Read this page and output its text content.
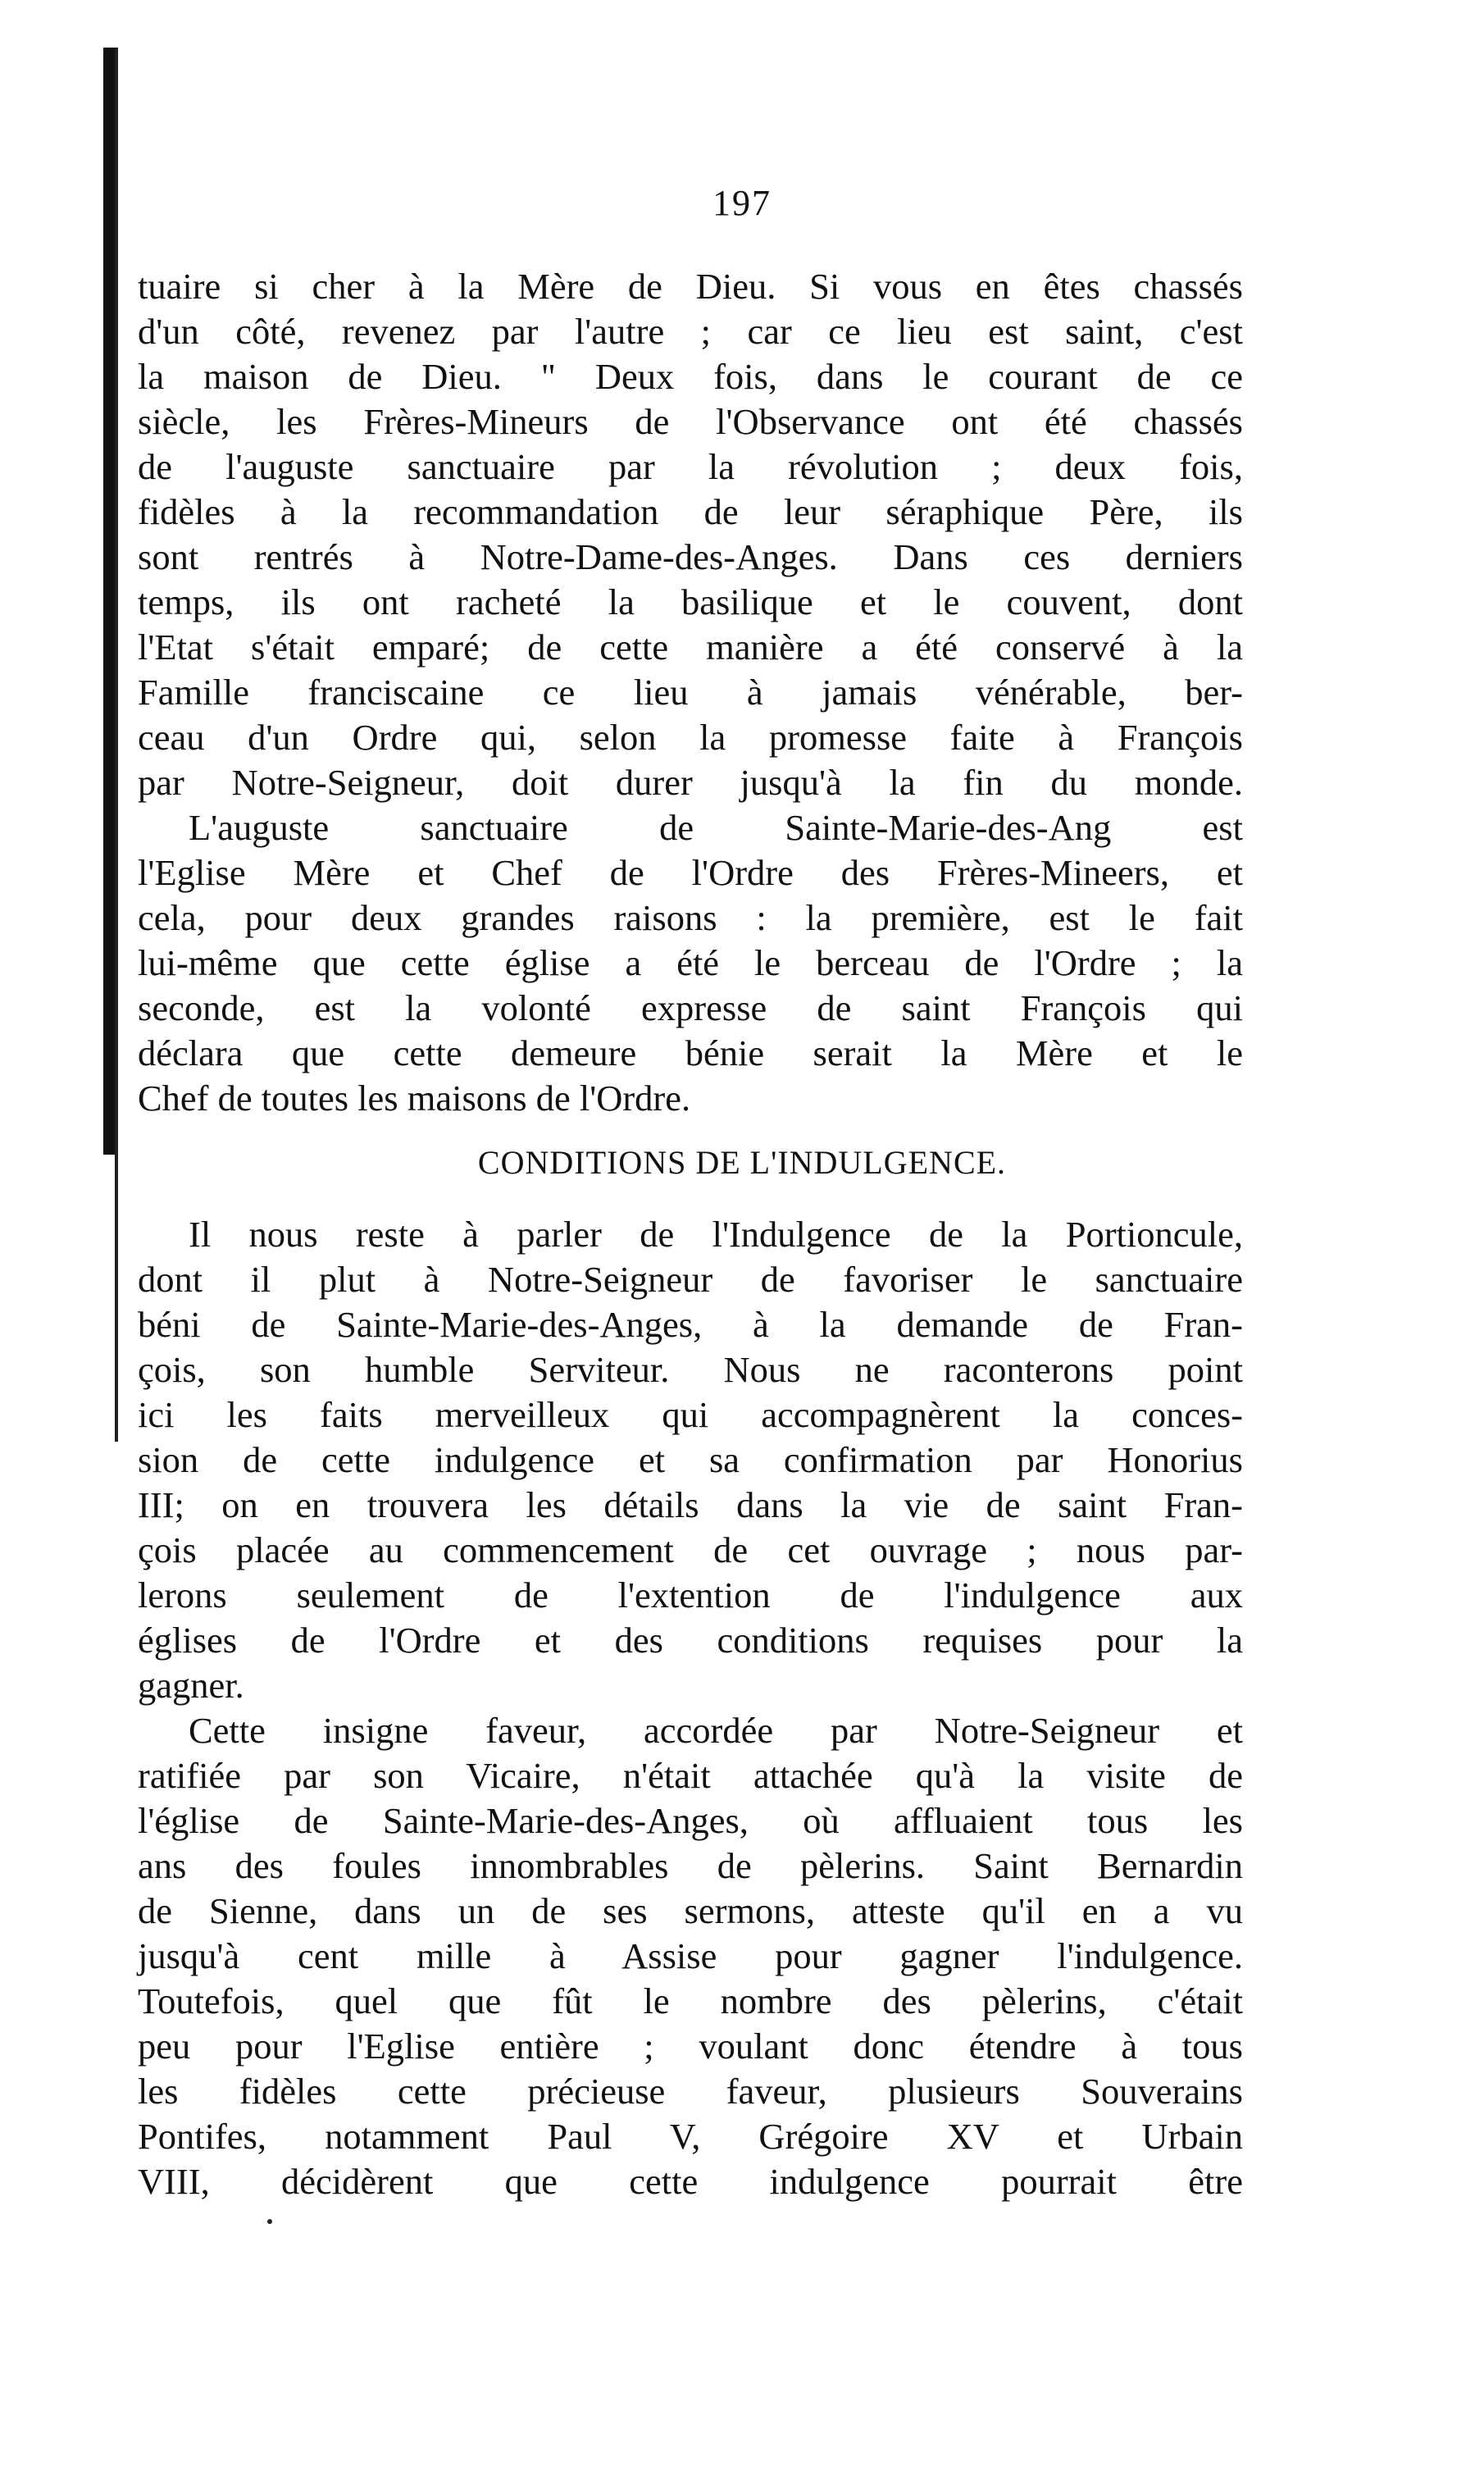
197
tuaire si cher à la Mère de Dieu. Si vous en êtes chassés
d'un côté, revenez par l'autre ; car ce lieu est saint, c'est
la maison de Dieu. " Deux fois, dans le courant de ce
siècle, les Frères-Mineurs de l'Observance ont été chassés
de l'auguste sanctuaire par la révolution ; deux fois,
fidèles à la recommandation de leur séraphique Père, ils
sont rentrés à Notre-Dame-des-Anges. Dans ces derniers
temps, ils ont racheté la basilique et le couvent, dont
l'Etat s'était emparé; de cette manière a été conservé à la
Famille franciscaine ce lieu à jamais vénérable, ber-
ceau d'un Ordre qui, selon la promesse faite à François
par Notre-Seigneur, doit durer jusqu'à la fin du monde.
L'auguste sanctuaire de Sainte-Marie-des-Ang est
l'Eglise Mère et Chef de l'Ordre des Frères-Mineers, et
cela, pour deux grandes raisons : la première, est le fait
lui-même que cette église a été le berceau de l'Ordre ; la
seconde, est la volonté expresse de saint François qui
déclara que cette demeure bénie serait la Mère et le
Chef de toutes les maisons de l'Ordre.
CONDITIONS DE L'INDULGENCE.
Il nous reste à parler de l'Indulgence de la Portioncule,
dont il plut à Notre-Seigneur de favoriser le sanctuaire
béni de Sainte-Marie-des-Anges, à la demande de Fran-
çois, son humble Serviteur. Nous ne raconterons point
ici les faits merveilleux qui accompagnèrent la conces-
sion de cette indulgence et sa confirmation par Honorius
III; on en trouvera les détails dans la vie de saint Fran-
çois placée au commencement de cet ouvrage ; nous par-
lerons seulement de l'extention de l'indulgence aux
églises de l'Ordre et des conditions requises pour la
gagner.
Cette insigne faveur, accordée par Notre-Seigneur et
ratifiée par son Vicaire, n'était attachée qu'à la visite de
l'église de Sainte-Marie-des-Anges, où affluaient tous les
ans des foules innombrables de pèlerins. Saint Bernardin
de Sienne, dans un de ses sermons, atteste qu'il en a vu
jusqu'à cent mille à Assise pour gagner l'indulgence.
Toutefois, quel que fût le nombre des pèlerins, c'était
peu pour l'Eglise entière ; voulant donc étendre à tous
les fidèles cette précieuse faveur, plusieurs Souverains
Pontifes, notamment Paul V, Grégoire XV et Urbain
VIII, décidèrent que cette indulgence pourrait être
